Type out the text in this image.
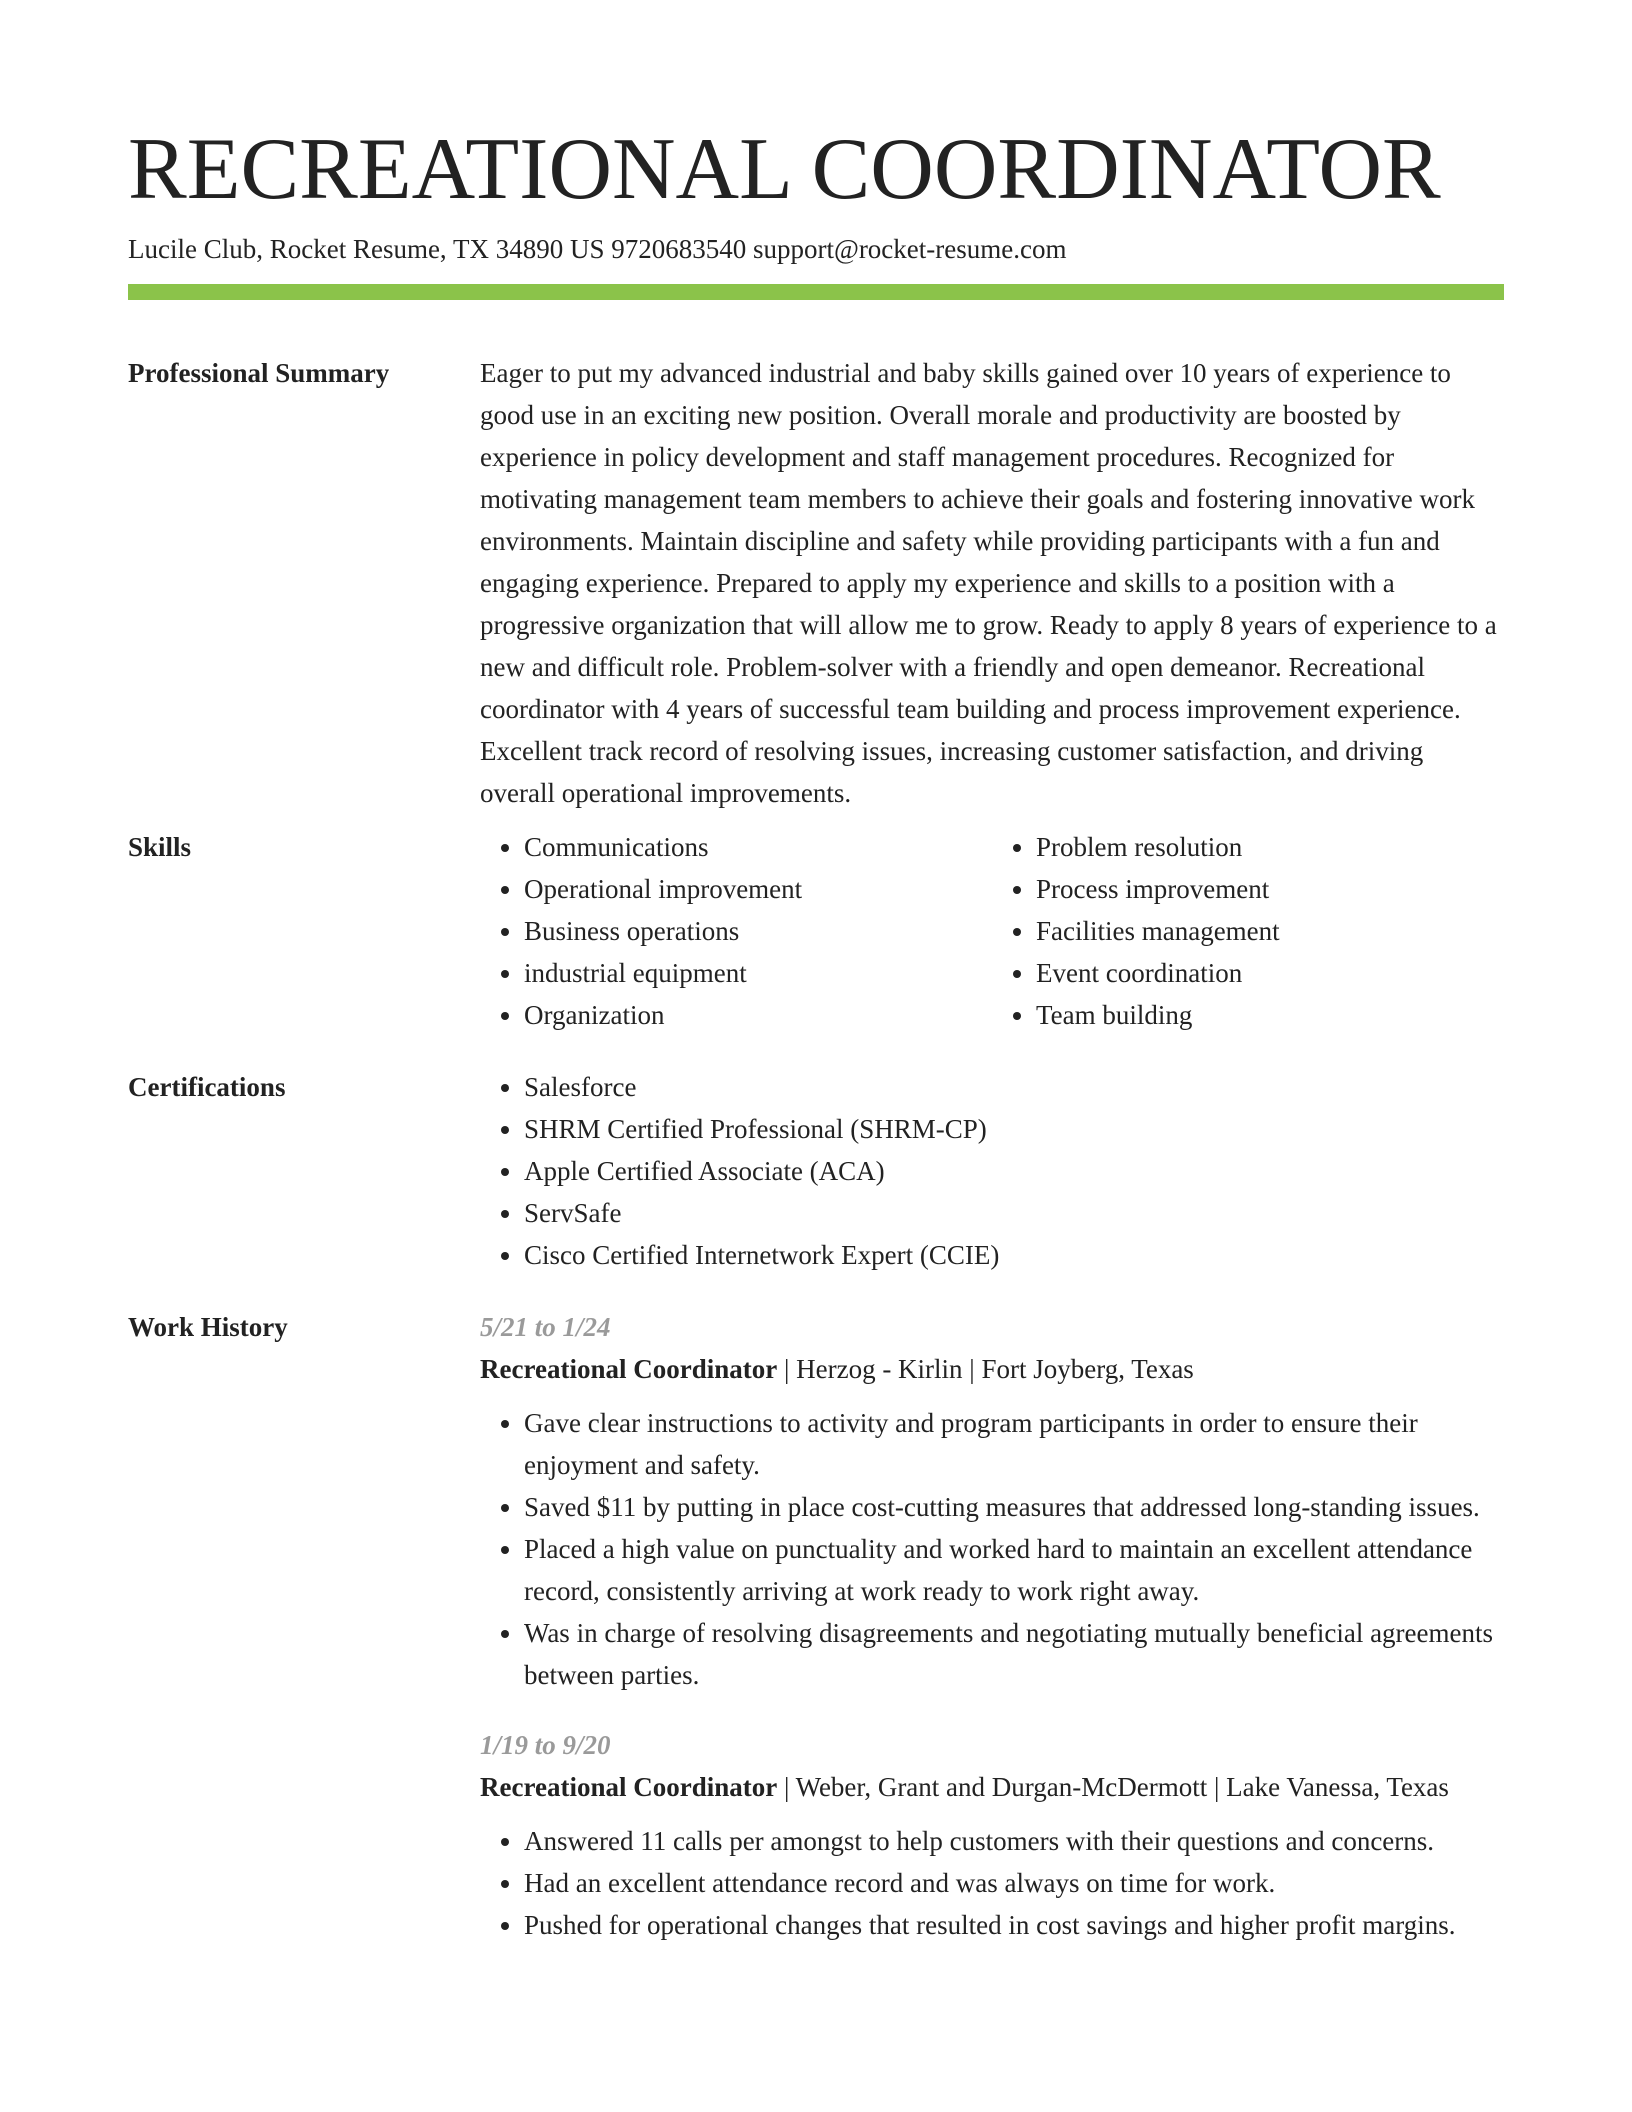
RECREATIONAL COORDINATOR
Lucile Club, Rocket Resume, TX 34890 US 9720683540 support@rocket-resume.com
Professional Summary	Eager to put my advanced industrial and baby skills gained over 10 years of experience to good use in an exciting new position. Overall morale and productivity are boosted by experience in policy development and staff management procedures. Recognized for motivating management team members to achieve their goals and fostering innovative work environments. Maintain discipline and safety while providing participants with a fun and engaging experience. Prepared to apply my experience and skills to a position with a progressive organization that will allow me to grow. Ready to apply 8 years of experience to a new and difficult role. Problem-solver with a friendly and open demeanor. Recreational coordinator with 4 years of successful team building and process improvement experience. Excellent track record of resolving issues, increasing customer satisfaction, and driving overall operational improvements.

Skills	• Communications
• Operational improvement
• Business operations
• industrial equipment
• Organization
• Problem resolution
• Process improvement
• Facilities management
• Event coordination
• Team building
Certifications	• Salesforce
• SHRM Certified Professional (SHRM-CP)
• Apple Certified Associate (ACA)
• ServSafe
• Cisco Certified Internetwork Expert (CCIE)
Work History	5/21 to 1/24
Recreational Coordinator | Herzog - Kirlin | Fort Joyberg, Texas
• Gave clear instructions to activity and program participants in order to ensure their enjoyment and safety.
• Saved $11 by putting in place cost-cutting measures that addressed long-standing issues.
• Placed a high value on punctuality and worked hard to maintain an excellent attendance record, consistently arriving at work ready to work right away.
• Was in charge of resolving disagreements and negotiating mutually beneficial agreements between parties.
1/19 to 9/20
Recreational Coordinator | Weber, Grant and Durgan-McDermott | Lake Vanessa, Texas
• Answered 11 calls per amongst to help customers with their questions and concerns.
• Had an excellent attendance record and was always on time for work.
• Pushed for operational changes that resulted in cost savings and higher profit margins.
